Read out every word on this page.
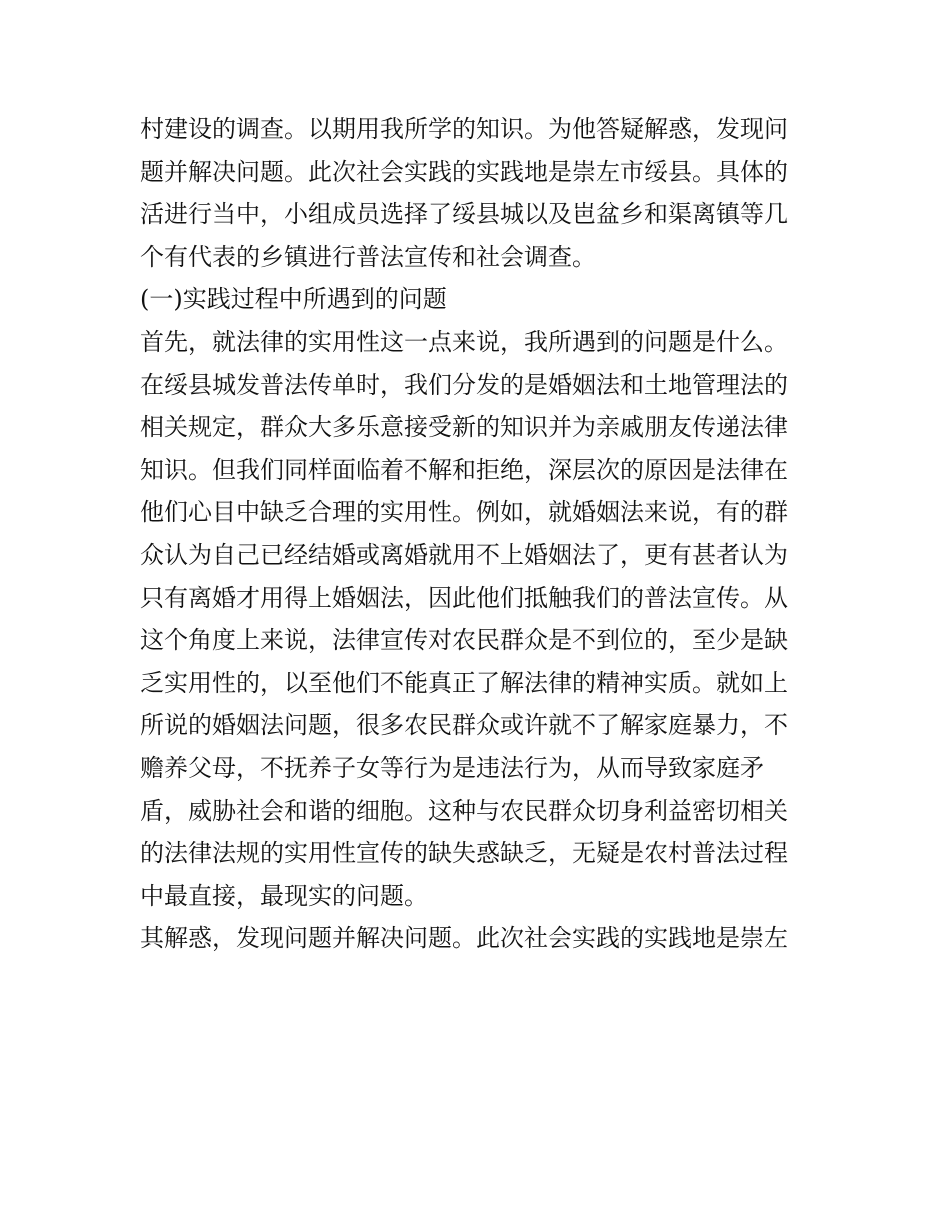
村建设的调查。以期用我所学的知识。为他答疑解惑，发现问

题并解决问题。此次社会实践的实践地是崇左市绥县。具体的

活进行当中，小组成员选择了绥县城以及岜盆乡和渠离镇等几

个有代表的乡镇进行普法宣传和社会调查。

(一)实践过程中所遇到的问题

首先，就法律的实用性这一点来说，我所遇到的问题是什么。

在绥县城发普法传单时，我们分发的是婚姻法和土地管理法的

相关规定，群众大多乐意接受新的知识并为亲戚朋友传递法律

知识。但我们同样面临着不解和拒绝，深层次的原因是法律在

他们心目中缺乏合理的实用性。例如，就婚姻法来说，有的群

众认为自己已经结婚或离婚就用不上婚姻法了，更有甚者认为

只有离婚才用得上婚姻法，因此他们抵触我们的普法宣传。从

这个角度上来说，法律宣传对农民群众是不到位的，至少是缺

乏实用性的，以至他们不能真正了解法律的精神实质。就如上

所说的婚姻法问题，很多农民群众或许就不了解家庭暴力，不

赡养父母，不抚养子女等行为是违法行为，从而导致家庭矛

盾，威胁社会和谐的细胞。这种与农民群众切身利益密切相关

的法律法规的实用性宣传的缺失惑缺乏，无疑是农村普法过程

中最直接，最现实的问题。

其解惑，发现问题并解决问题。此次社会实践的实践地是崇左
